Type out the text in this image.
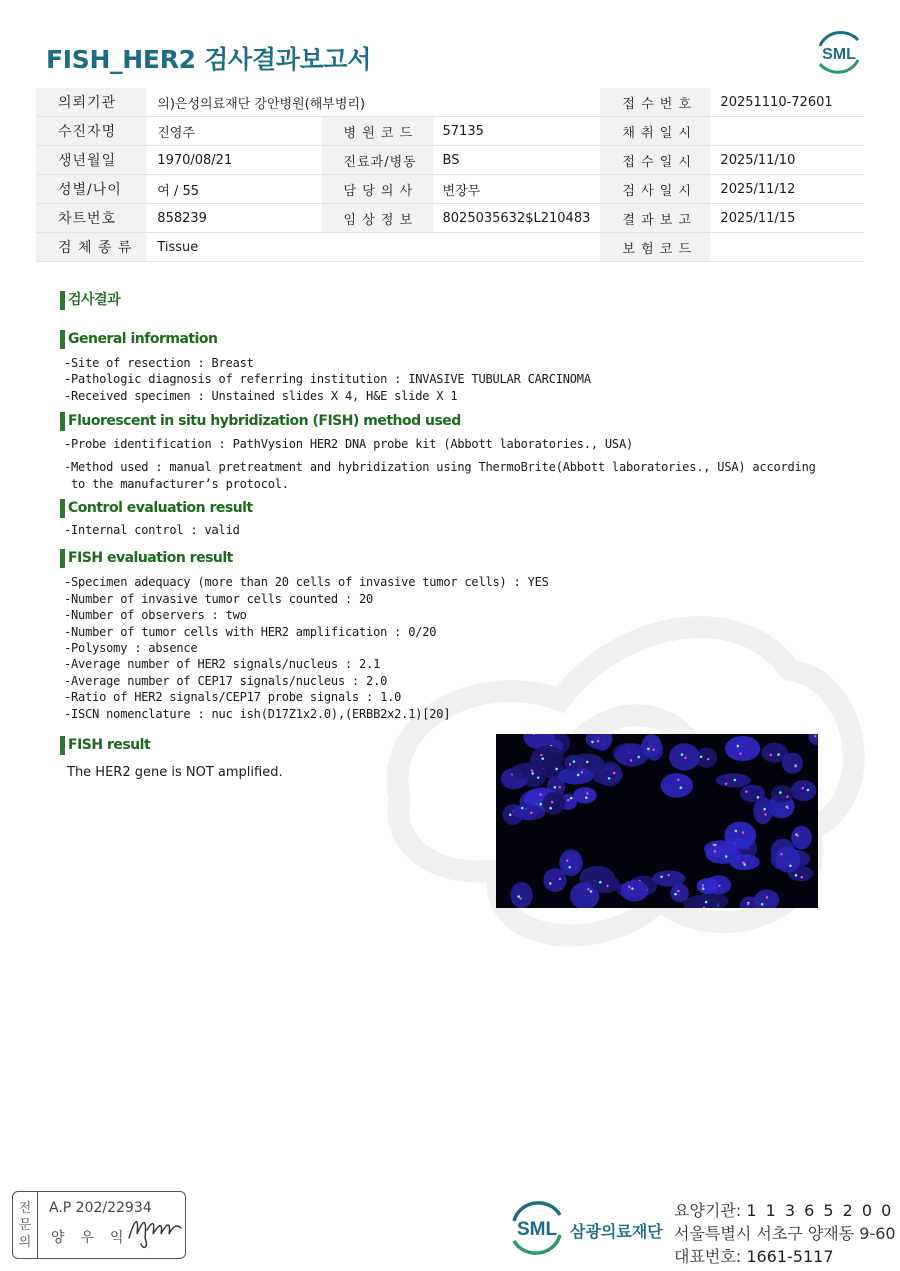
FISH_HER2 검사결과보고서	SML
의뢰기관	의)은성의료재단 강안병원(해부병리)			접 수 번 호	20251110-72601
수진자명	진영주	병 원 코 드	57135	채 취 일 시	
생년월일	1970/08/21	진료과/병동	BS	접 수 일 시	2025/11/10
성별/나이	여 / 55	담 당 의 사	변장무	검 사 일 시	2025/11/12
차트번호	858239	임 상 정 보	8025035632$L210483	결 과 보 고	2025/11/15
검 체 종 류	Tissue			보 험 코 드	
검사결과
General information
-Site of resection : Breast
-Pathologic diagnosis of referring institution : INVASIVE TUBULAR CARCINOMA
-Received specimen : Unstained slides X 4, H&E slide X 1
Fluorescent in situ hybridization (FISH) method used
-Probe identification : PathVysion HER2 DNA probe kit (Abbott laboratories., USA)
-Method used : manual pretreatment and hybridization using ThermoBrite(Abbott laboratories., USA) according
to the manufacturer’s protocol.
Control evaluation result
-Internal control : valid
FISH evaluation result
-Specimen adequacy (more than 20 cells of invasive tumor cells) : YES
-Number of invasive tumor cells counted : 20
-Number of observers : two
-Number of tumor cells with HER2 amplification : 0/20
-Polysomy : absence
-Average number of HER2 signals/nucleus : 2.1
-Average number of CEP17 signals/nucleus : 2.0
-Ratio of HER2 signals/CEP17 probe signals : 1.0
-ISCN nomenclature : nuc ish(D17Z1x2.0),(ERBB2x2.1)[20]
FISH result
The HER2 gene is NOT amplified.
전
문
의
A.P 202/22934
양우익	SML 삼광의료재단
요양기관: 1 1 3 6 5 2 0 0
서울특별시 서초구 양재동 9-60
대표번호: 1661-5117
